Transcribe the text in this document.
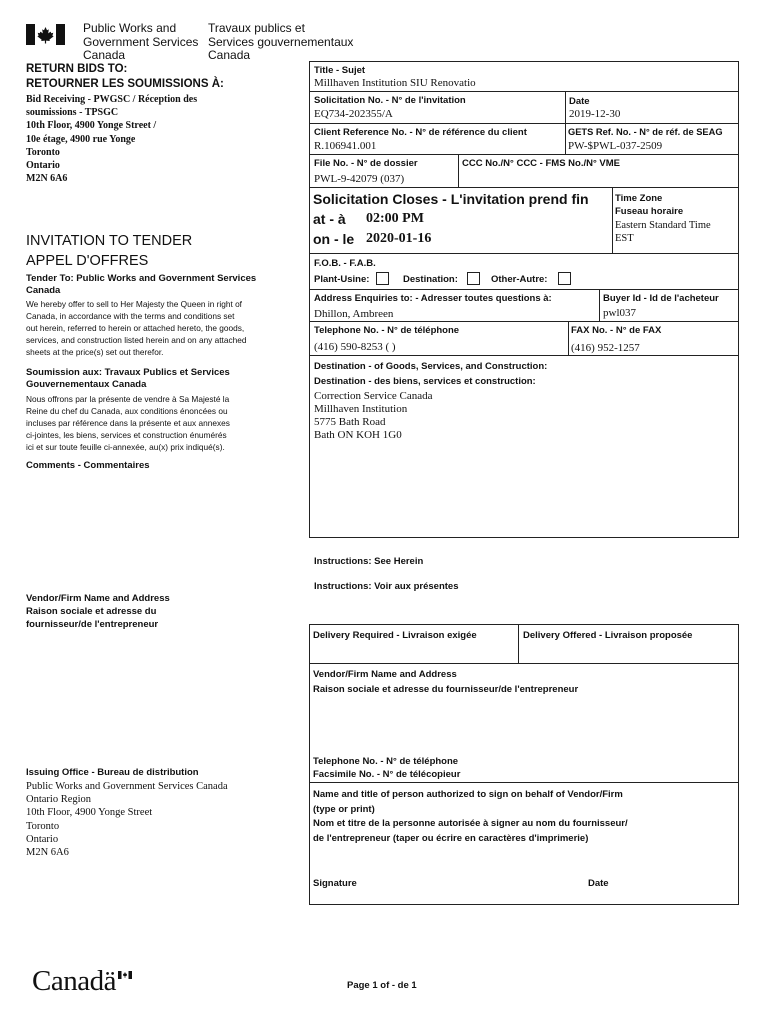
Public Works and
Government Services
Canada
Travaux publics et
Services gouvernementaux
Canada
RETURN BIDS TO:
RETOURNER LES SOUMISSIONS À:
Bid Receiving - PWGSC / Réception des
soumissions - TPSGC
10th Floor, 4900 Yonge Street /
10e étage, 4900 rue Yonge
Toronto
Ontario
M2N 6A6
INVITATION TO TENDER
APPEL D'OFFRES
Tender To: Public Works and Government Services Canada
We hereby offer to sell to Her Majesty the Queen in right of
Canada, in accordance with the terms and conditions set
out herein, referred to herein or attached hereto, the goods,
services, and construction listed herein and on any attached
sheets at the price(s) set out therefor.
Soumission aux: Travaux Publics et Services
Gouvernementaux Canada
Nous offrons par la présente de vendre à Sa Majesté la
Reine du chef du Canada, aux conditions énoncées ou
incluses par référence dans la présente et aux annexes
ci-jointes, les biens, services et construction énumérés
ici et sur toute feuille ci-annexée, au(x) prix indiqué(s).
Comments - Commentaires
Vendor/Firm Name and Address
Raison sociale et adresse du
fournisseur/de l'entrepreneur
Issuing Office - Bureau de distribution
Public Works and Government Services Canada
Ontario Region
10th Floor, 4900 Yonge Street
Toronto
Ontario
M2N 6A6
Title - Sujet
Millhaven Institution SIU Renovatio
Solicitation No. - N° de l'invitation
EQ734-202355/A
Date
2019-12-30
Client Reference No. - N° de référence du client
R.106941.001
GETS Ref. No. - N° de réf. de SEAG
PW-$PWL-037-2509
File No. - N° de dossier
PWL-9-42079 (037)
CCC No./N° CCC - FMS No./N° VME
Solicitation Closes - L'invitation prend fin
at - à 02:00 PM
on - le 2020-01-16
Time Zone
Fuseau horaire
Eastern Standard Time
EST
F.O.B. - F.A.B.
Plant-Usine:	Destination:	Other-Autre:
Address Enquiries to: - Adresser toutes questions à:
Dhillon, Ambreen
Buyer Id - Id de l'acheteur
pwl037
Telephone No. - N° de téléphone
(416) 590-8253 ( )
FAX No. - N° de FAX
(416) 952-1257
Destination - of Goods, Services, and Construction:
Destination - des biens, services et construction:
Correction Service Canada
Millhaven Institution
5775 Bath Road
Bath ON KOH 1G0
Instructions: See Herein
Instructions: Voir aux présentes
Delivery Required - Livraison exigée	Delivery Offered - Livraison proposée
Vendor/Firm Name and Address
Raison sociale et adresse du fournisseur/de l'entrepreneur
Telephone No. - N° de téléphone
Facsimile No. - N° de télécopieur
Name and title of person authorized to sign on behalf of Vendor/Firm
(type or print)
Nom et titre de la personne autorisée à signer au nom du fournisseur/
de l'entrepreneur (taper ou écrire en caractères d'imprimerie)
Signature	Date
Canadä	Page 1 of - de 1
